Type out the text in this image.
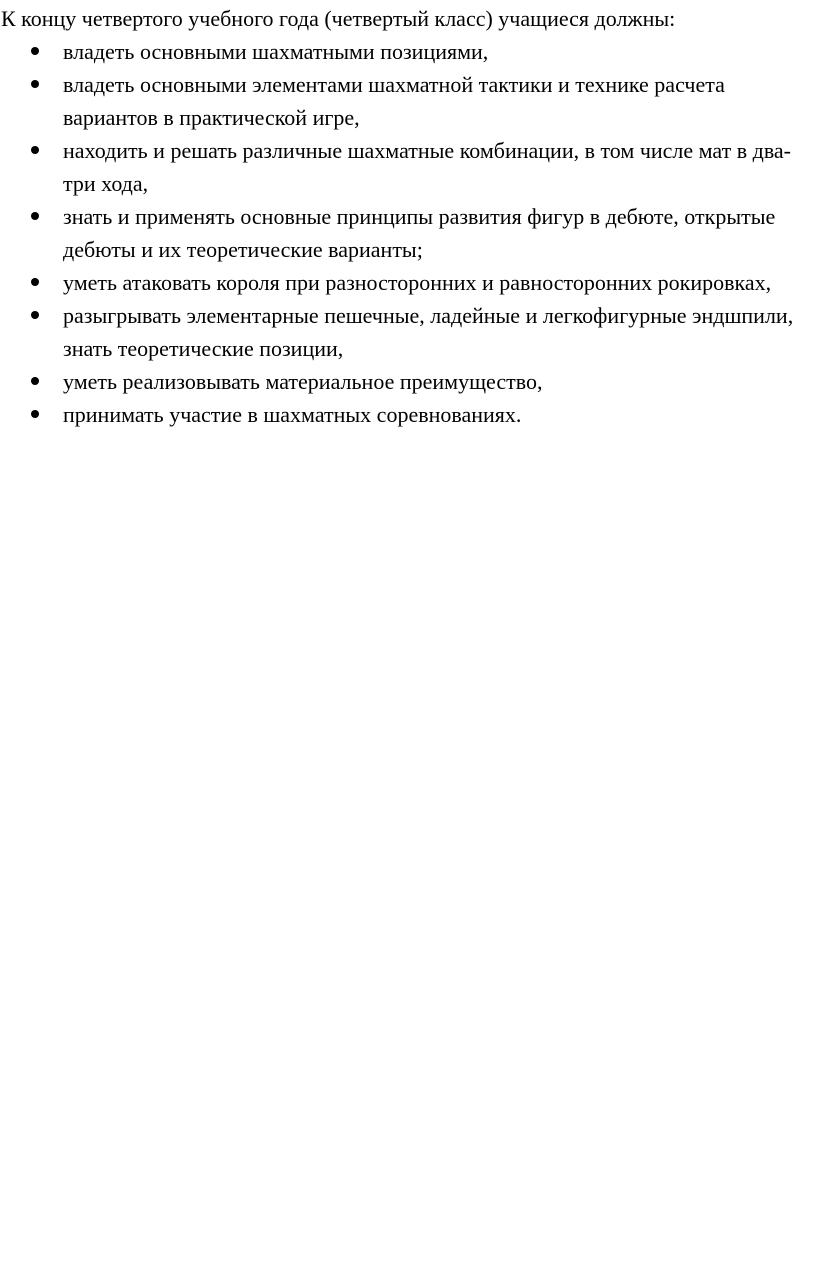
К концу четвертого учебного года (четвертый класс) учащиеся должны:

владеть основными шахматными позициями,
владеть основными элементами шахматной тактики и технике расчета вариантов в практической игре,
находить и решать различные шахматные комбинации, в том числе мат в два-три хода,
знать и применять основные принципы развития фигур в дебюте, открытые дебюты и их теоретические варианты;
уметь атаковать короля при разносторонних и равносторонних рокировках,
разыгрывать элементарные пешечные, ладейные и легкофигурные эндшпили, знать теоретические позиции,
уметь реализовывать материальное преимущество,
принимать участие в шахматных соревнованиях.
